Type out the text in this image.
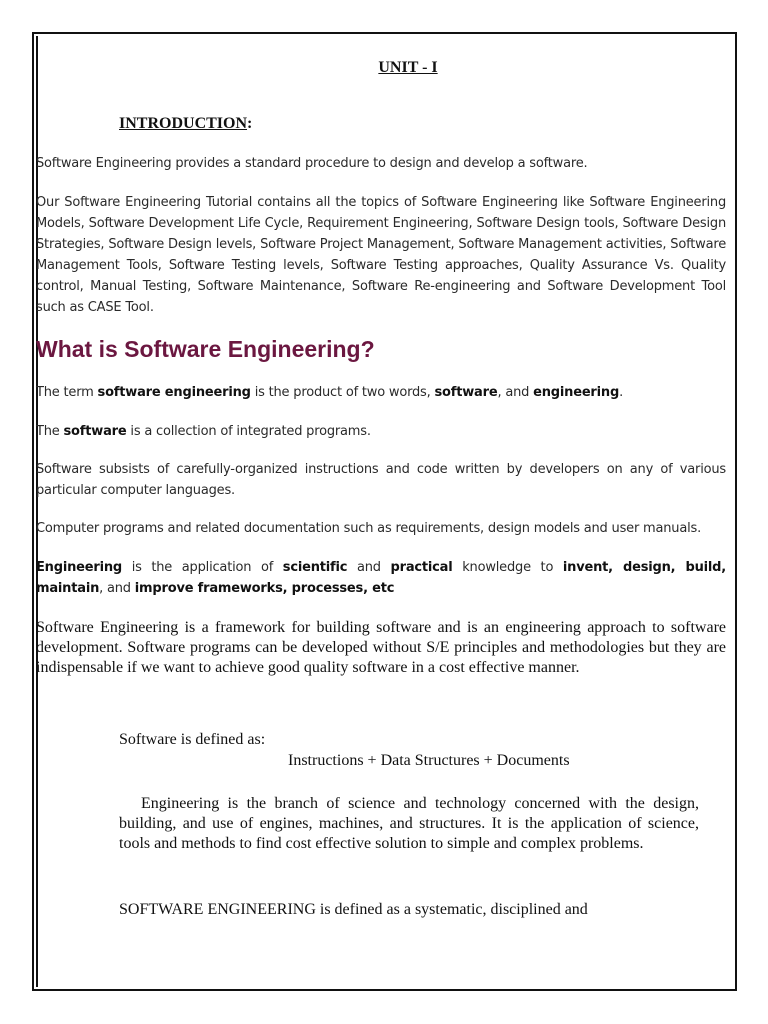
UNIT - I
INTRODUCTION:
Software Engineering provides a standard procedure to design and develop a software.
Our Software Engineering Tutorial contains all the topics of Software Engineering like Software Engineering Models, Software Development Life Cycle, Requirement Engineering, Software Design tools, Software Design Strategies, Software Design levels, Software Project Management, Software Management activities, Software Management Tools, Software Testing levels, Software Testing approaches, Quality Assurance Vs. Quality control, Manual Testing, Software Maintenance, Software Re-engineering and Software Development Tool such as CASE Tool.
What is Software Engineering?
The term software engineering is the product of two words, software, and engineering.
The software is a collection of integrated programs.
Software subsists of carefully-organized instructions and code written by developers on any of various particular computer languages.
Computer programs and related documentation such as requirements, design models and user manuals.
Engineering is the application of scientific and practical knowledge to invent, design, build, maintain, and improve frameworks, processes, etc
Software Engineering is a framework for building software and is an engineering approach to software development. Software programs can be developed without S/E principles and methodologies but they are indispensable if we want to achieve good quality software in a cost effective manner.
Software is defined as:
Instructions + Data Structures + Documents
Engineering is the branch of science and technology concerned with the design, building, and use of engines, machines, and structures. It is the application of science, tools and methods to find cost effective solution to simple and complex problems.
SOFTWARE ENGINEERING is defined as a systematic, disciplined and
